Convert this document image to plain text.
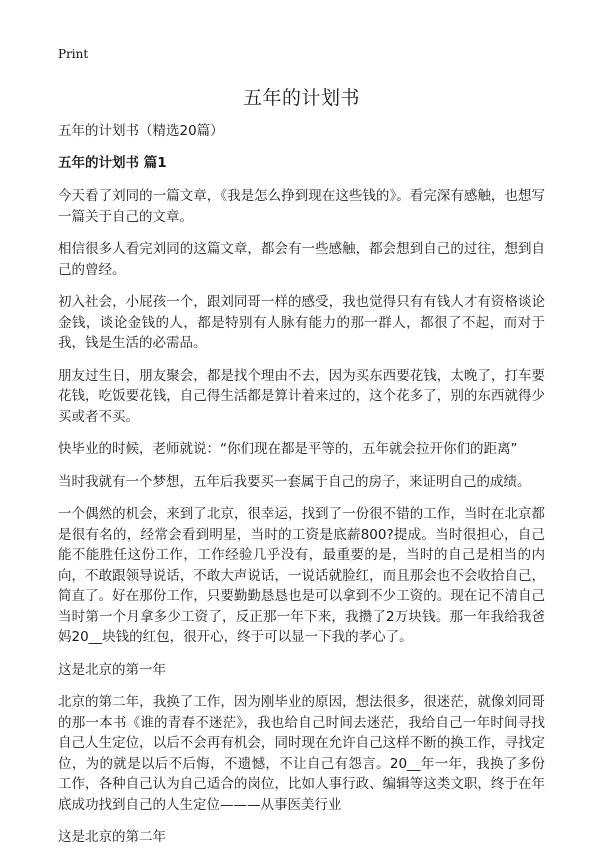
Print
五年的计划书

五年的计划书（精选20篇）

五年的计划书 篇1

今天看了刘同的一篇文章，《我是怎么挣到现在这些钱的》。看完深有感触，也想写一篇关于自己的文章。

相信很多人看完刘同的这篇文章，都会有一些感触，都会想到自己的过往，想到自己的曾经。

初入社会，小屁孩一个，跟刘同哥一样的感受，我也觉得只有有钱人才有资格谈论金钱，谈论金钱的人，都是特别有人脉有能力的那一群人，都很了不起，而对于我，钱是生活的必需品。

朋友过生日，朋友聚会，都是找个理由不去，因为买东西要花钱，太晚了，打车要花钱，吃饭要花钱，自己得生活都是算计着来过的，这个花多了，别的东西就得少买或者不买。

快毕业的时候，老师就说：“你们现在都是平等的，五年就会拉开你们的距离”

当时我就有一个梦想，五年后我要买一套属于自己的房子，来证明自己的成绩。

一个偶然的机会，来到了北京，很幸运，找到了一份很不错的工作，当时在北京都是很有名的，经常会看到明星，当时的工资是底薪800?提成。当时很担心，自己能不能胜任这份工作，工作经验几乎没有，最重要的是，当时的自己是相当的内向，不敢跟领导说话，不敢大声说话，一说话就脸红，而且那会也不会收拾自己，简直了。好在那份工作，只要勤勤恳恳也是可以拿到不少工资的。现在记不清自己当时第一个月拿多少工资了，反正那一年下来，我攒了2万块钱。那一年我给我爸妈20__块钱的红包，很开心，终于可以显一下我的孝心了。

这是北京的第一年

北京的第二年，我换了工作，因为刚毕业的原因，想法很多，很迷茫，就像刘同哥的那一本书《谁的青春不迷茫》，我也给自己时间去迷茫，我给自己一年时间寻找自己人生定位，以后不会再有机会，同时现在允许自己这样不断的换工作，寻找定位，为的就是以后不后悔，不遗憾，不让自己有怨言。20__年一年，我换了多份工作，各种自己认为自己适合的岗位，比如人事行政、编辑等这类文职，终于在年底成功找到自己的人生定位———从事医美行业

这是北京的第二年
